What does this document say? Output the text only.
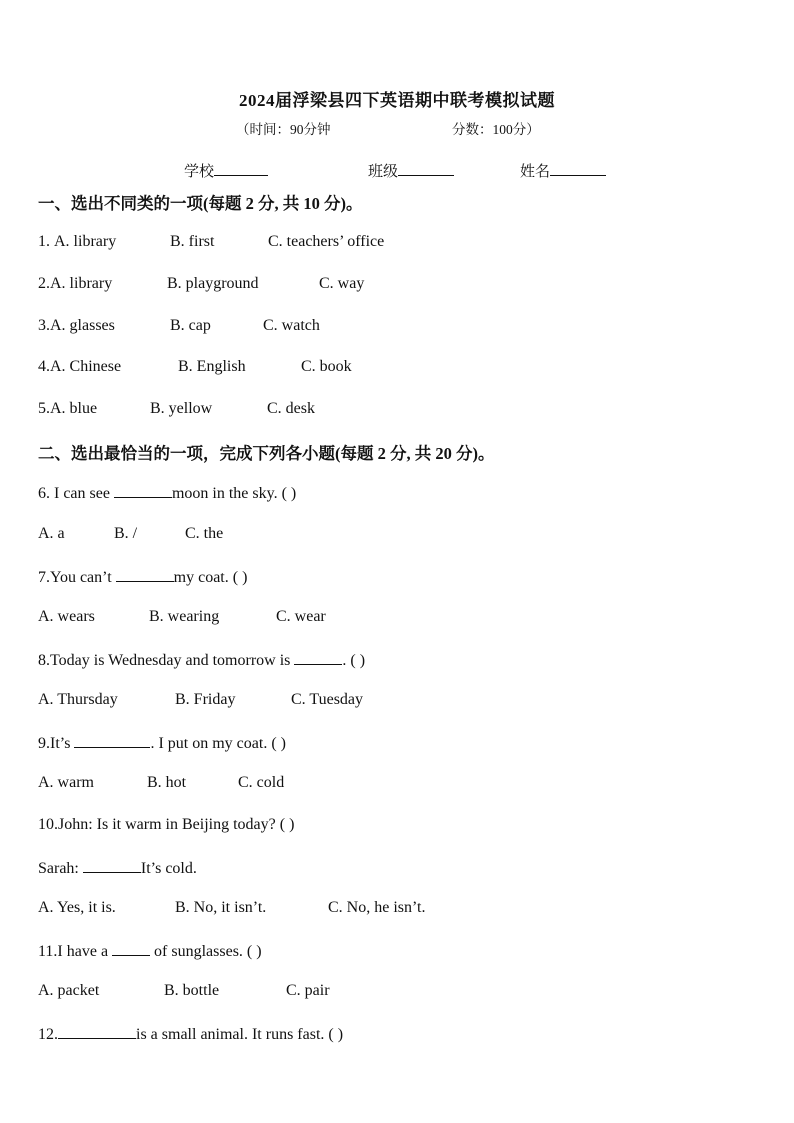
2024届浮梁县四下英语期中联考模拟试题
（时间：90分钟	分数：100分）
学校	班级	姓名
一、选出不同类的一项(每题 2 分, 共 10 分)。
1. A. library	B. first	C. teachers’ office
2.A. library	B. playground	C. way
3.A. glasses	B. cap	C. watch
4.A. Chinese	B. English	C. book
5.A. blue	B. yellow	C. desk
二、选出最恰当的一项，完成下列各小题(每题 2 分, 共 20 分)。
6. I can see	moon in the sky. ( )
A. a	B. /	C. the
7.You can’t	my coat. ( )
A. wears	B. wearing	C. wear
8.Today is Wednesday and tomorrow is	. ( )
A. Thursday	B. Friday	C. Tuesday
9.It’s	. I put on my coat. ( )
A. warm	B. hot	C. cold
10.John: Is it warm in Beijing today? ( )
Sarah:	It’s cold.
A. Yes, it is.	B. No, it isn’t.	C. No, he isn’t.
11.I have a  of sunglasses. ( )
A. packet	B. bottle	C. pair
12.	is a small animal. It runs fast. ( )
